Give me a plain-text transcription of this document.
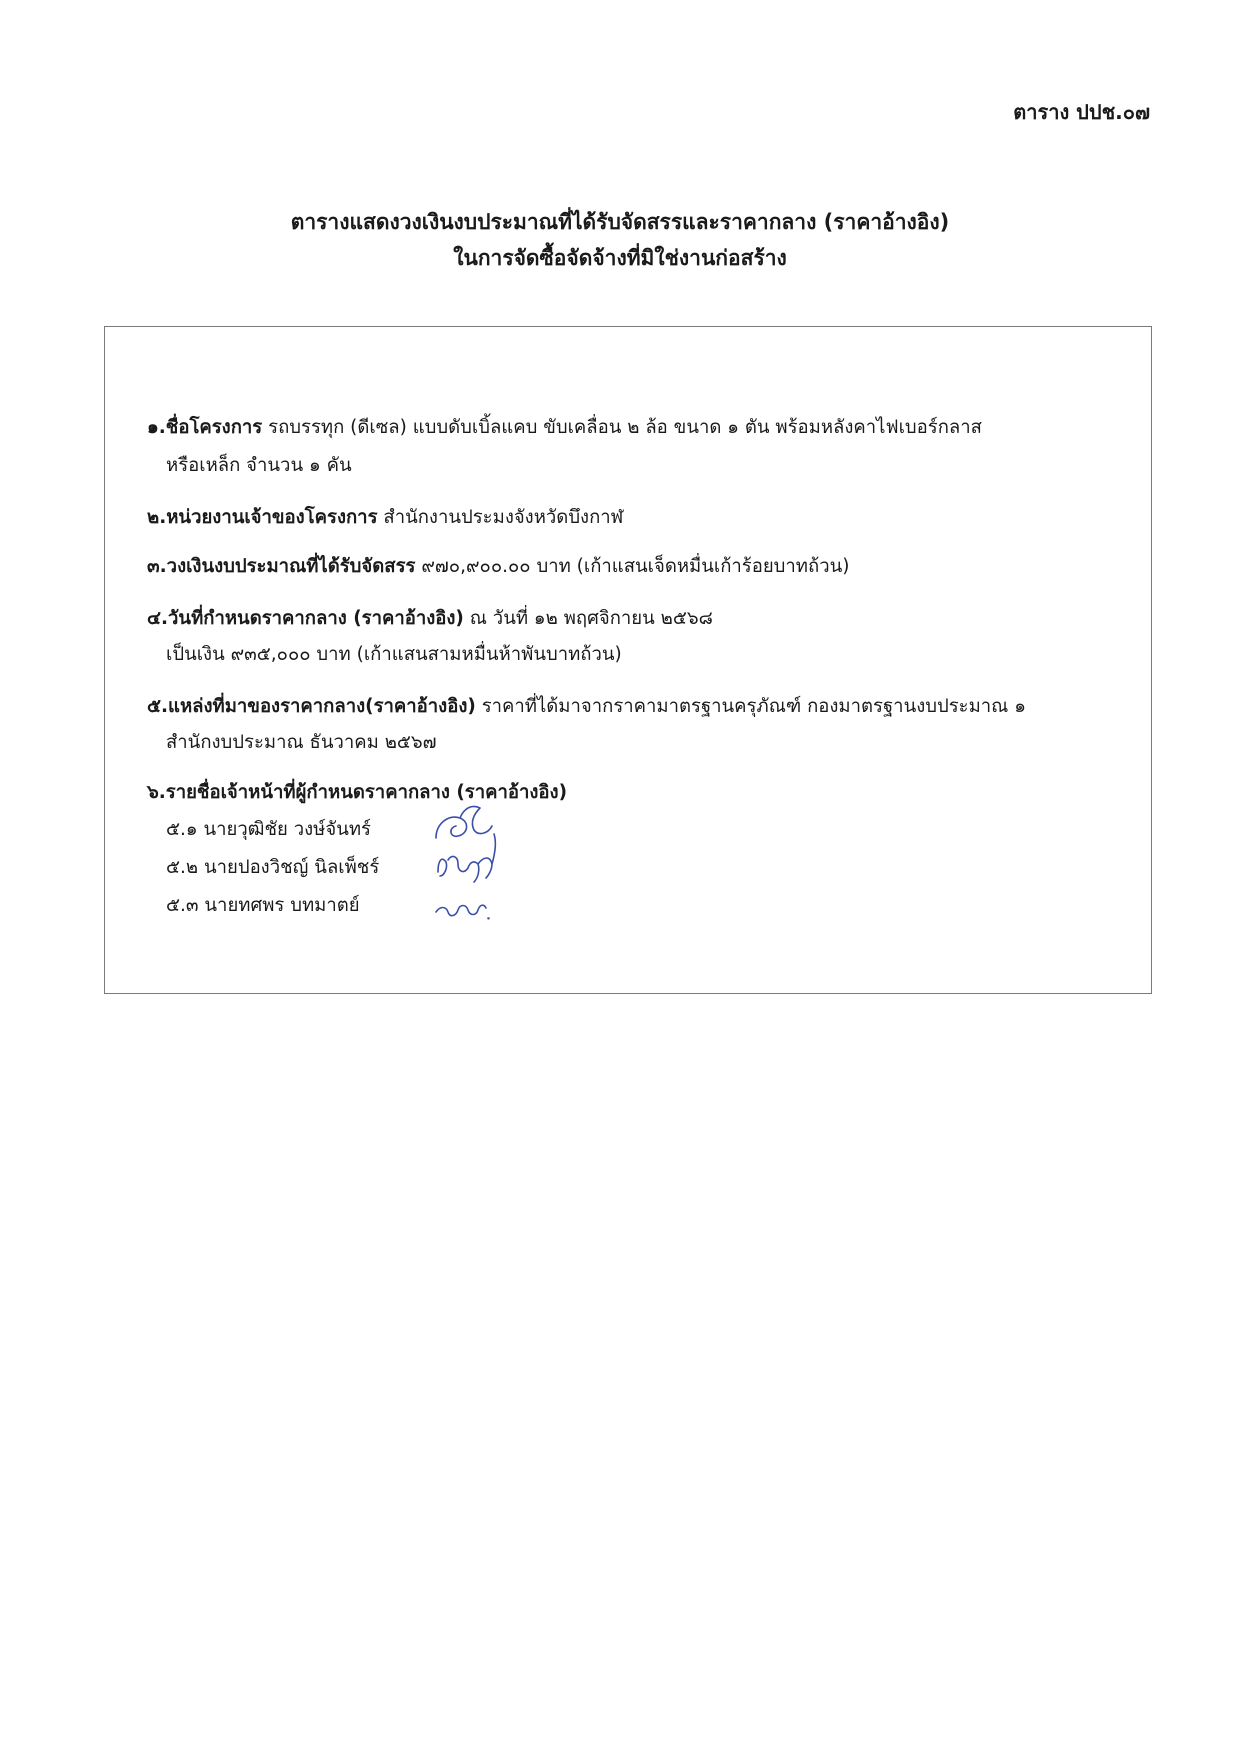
ตาราง ปปช.๐๗
ตารางแสดงวงเงินงบประมาณที่ได้รับจัดสรรและราคากลาง (ราคาอ้างอิง)
ในการจัดซื้อจัดจ้างที่มิใช่งานก่อสร้าง
๑.ชื่อโครงการ รถบรรทุก (ดีเซล) แบบดับเบิ้ลแคบ ขับเคลื่อน ๒ ล้อ ขนาด ๑ ตัน พร้อมหลังคาไฟเบอร์กลาส
หรือเหล็ก จำนวน ๑ คัน
๒.หน่วยงานเจ้าของโครงการ สำนักงานประมงจังหวัดบึงกาฬ
๓.วงเงินงบประมาณที่ได้รับจัดสรร ๙๗๐,๙๐๐.๐๐ บาท (เก้าแสนเจ็ดหมื่นเก้าร้อยบาทถ้วน)
๔.วันที่กำหนดราคากลาง (ราคาอ้างอิง) ณ วันที่ ๑๒ พฤศจิกายน ๒๕๖๘
เป็นเงิน ๙๓๕,๐๐๐ บาท (เก้าแสนสามหมื่นห้าพันบาทถ้วน)
๕.แหล่งที่มาของราคากลาง(ราคาอ้างอิง) ราคาที่ได้มาจากราคามาตรฐานครุภัณฑ์ กองมาตรฐานงบประมาณ ๑
สำนักงบประมาณ ธันวาคม ๒๕๖๗
๖.รายชื่อเจ้าหน้าที่ผู้กำหนดราคากลาง (ราคาอ้างอิง)
๕.๑ นายวุฒิชัย วงษ์จันทร์
๕.๒ นายปองวิชญ์ นิลเพ็ชร์
๕.๓ นายทศพร บทมาตย์
